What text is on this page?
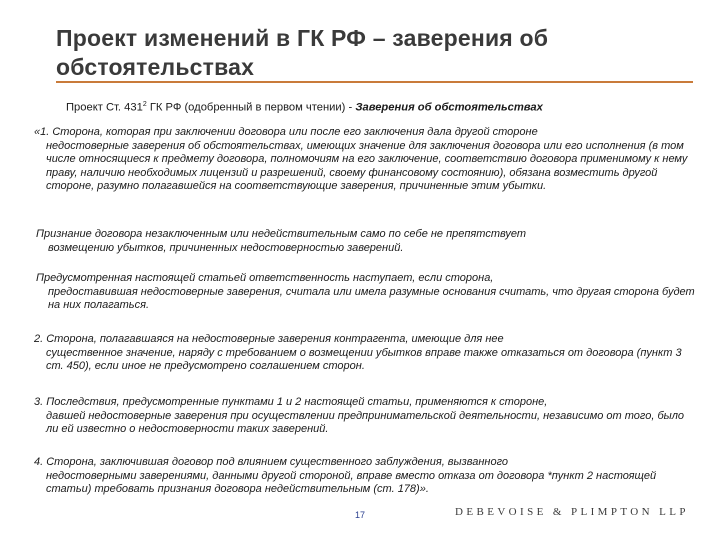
Проект изменений в ГК РФ – заверения об обстоятельствах
Проект Ст. $431^2$ ГК РФ (одобренный в первом чтении) - Заверения об обстоятельствах
«1. Сторона, которая при заключении договора или после его заключения дала другой стороне
недостоверные заверения об обстоятельствах, имеющих значение для заключения договора или его исполнения (в том числе относящиеся к предмету договора, полномочиям на его заключение, соответствию договора применимому к нему праву, наличию необходимых лицензий и разрешений, своему финансовому состоянию), обязана возместить другой стороне, разумно полагавшейся на соответствующие заверения, причиненные этим убытки.
Признание договора незаключенным или недействительным само по себе не препятствует
возмещению убытков, причиненных недостоверностью заверений.
Предусмотренная настоящей статьей ответственность наступает, если сторона,
предоставившая недостоверные заверения, считала или имела разумные основания считать, что другая сторона будет на них полагаться.
2. Сторона, полагавшаяся на недостоверные заверения контрагента, имеющие для нее
существенное значение, наряду с требованием о возмещении убытков вправе также отказаться от договора (пункт 3 ст. 450), если иное не предусмотрено соглашением сторон.
3. Последствия, предусмотренные пунктами 1 и 2 настоящей статьи, применяются к стороне,
давшей недостоверные заверения при осуществлении предпринимательской деятельности, независимо от того, было ли ей известно о недостоверности таких заверений.
4. Сторона, заключившая договор под влиянием существенного заблуждения, вызванного
недостоверными заверениями, данными другой стороной, вправе вместо отказа от договора *пункт 2 настоящей статьи) требовать признания договора недействительным (ст. 178)».
17	DEBEVOISE & PLIMPTON LLP
